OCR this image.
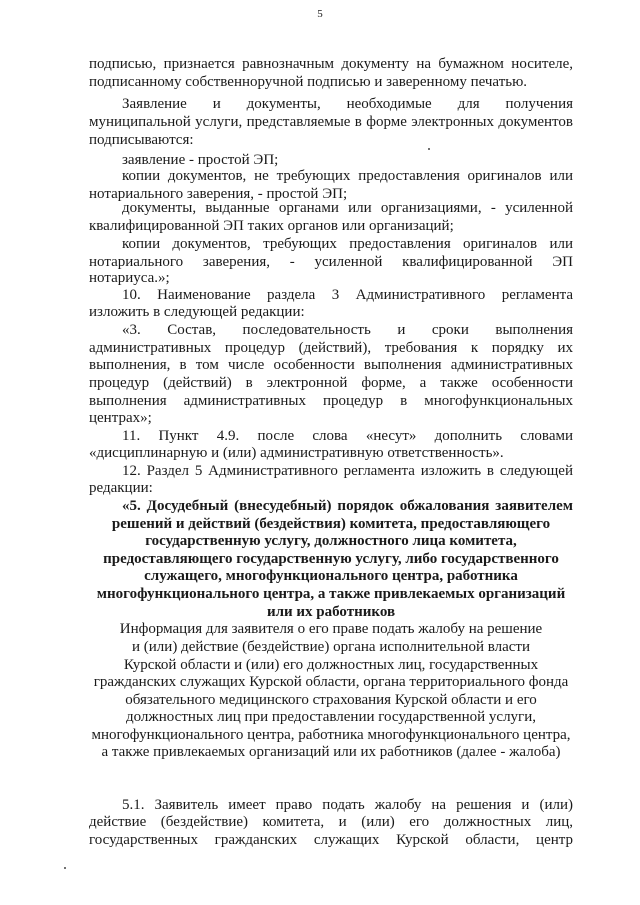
5
подписью, признается равнозначным документу на бумажном носителе,
подписанному собственноручной подписью и заверенному печатью.
Заявление и документы, необходимые для получения
муниципальной услуги, представляемые в форме электронных документов
подписываются:
заявление - простой ЭП;
копии документов, не требующих предоставления оригиналов или
нотариального заверения, - простой ЭП;
документы, выданные органами или организациями, - усиленной
квалифицированной ЭП таких органов или организаций;
копии документов, требующих предоставления оригиналов или
нотариального заверения, - усиленной квалифицированной ЭП
нотариуса.»;
10. Наименование раздела 3 Административного регламента
изложить в следующей редакции:
«3. Состав, последовательность и сроки выполнения
административных процедур (действий), требования к порядку их
выполнения, в том числе особенности выполнения административных
процедур (действий) в электронной форме, а также особенности
выполнения административных процедур в многофункциональных
центрах»;
11. Пункт 4.9. после слова «несут» дополнить словами
«дисциплинарную и (или) административную ответственность».
12. Раздел 5 Административного регламента изложить в следующей
редакции:
«5. Досудебный (внесудебный) порядок обжалования заявителем
решений и действий (бездействия) комитета, предоставляющего
государственную услугу, должностного лица комитета,
предоставляющего государственную услугу, либо государственного
служащего, многофункционального центра, работника
многофункционального центра, а также привлекаемых организаций
или их работников
Информация для заявителя о его праве подать жалобу на решение
и (или) действие (бездействие) органа исполнительной власти
Курской области и (или) его должностных лиц, государственных
гражданских служащих Курской области, органа территориального фонда
обязательного медицинского страхования Курской области и его
должностных лиц при предоставлении государственной услуги,
многофункционального центра, работника многофункционального центра,
а также привлекаемых организаций или их работников (далее - жалоба)
5.1. Заявитель имеет право подать жалобу на решения и (или)
действие (бездействие) комитета, и (или) его должностных лиц,
государственных гражданских служащих Курской области, центр
